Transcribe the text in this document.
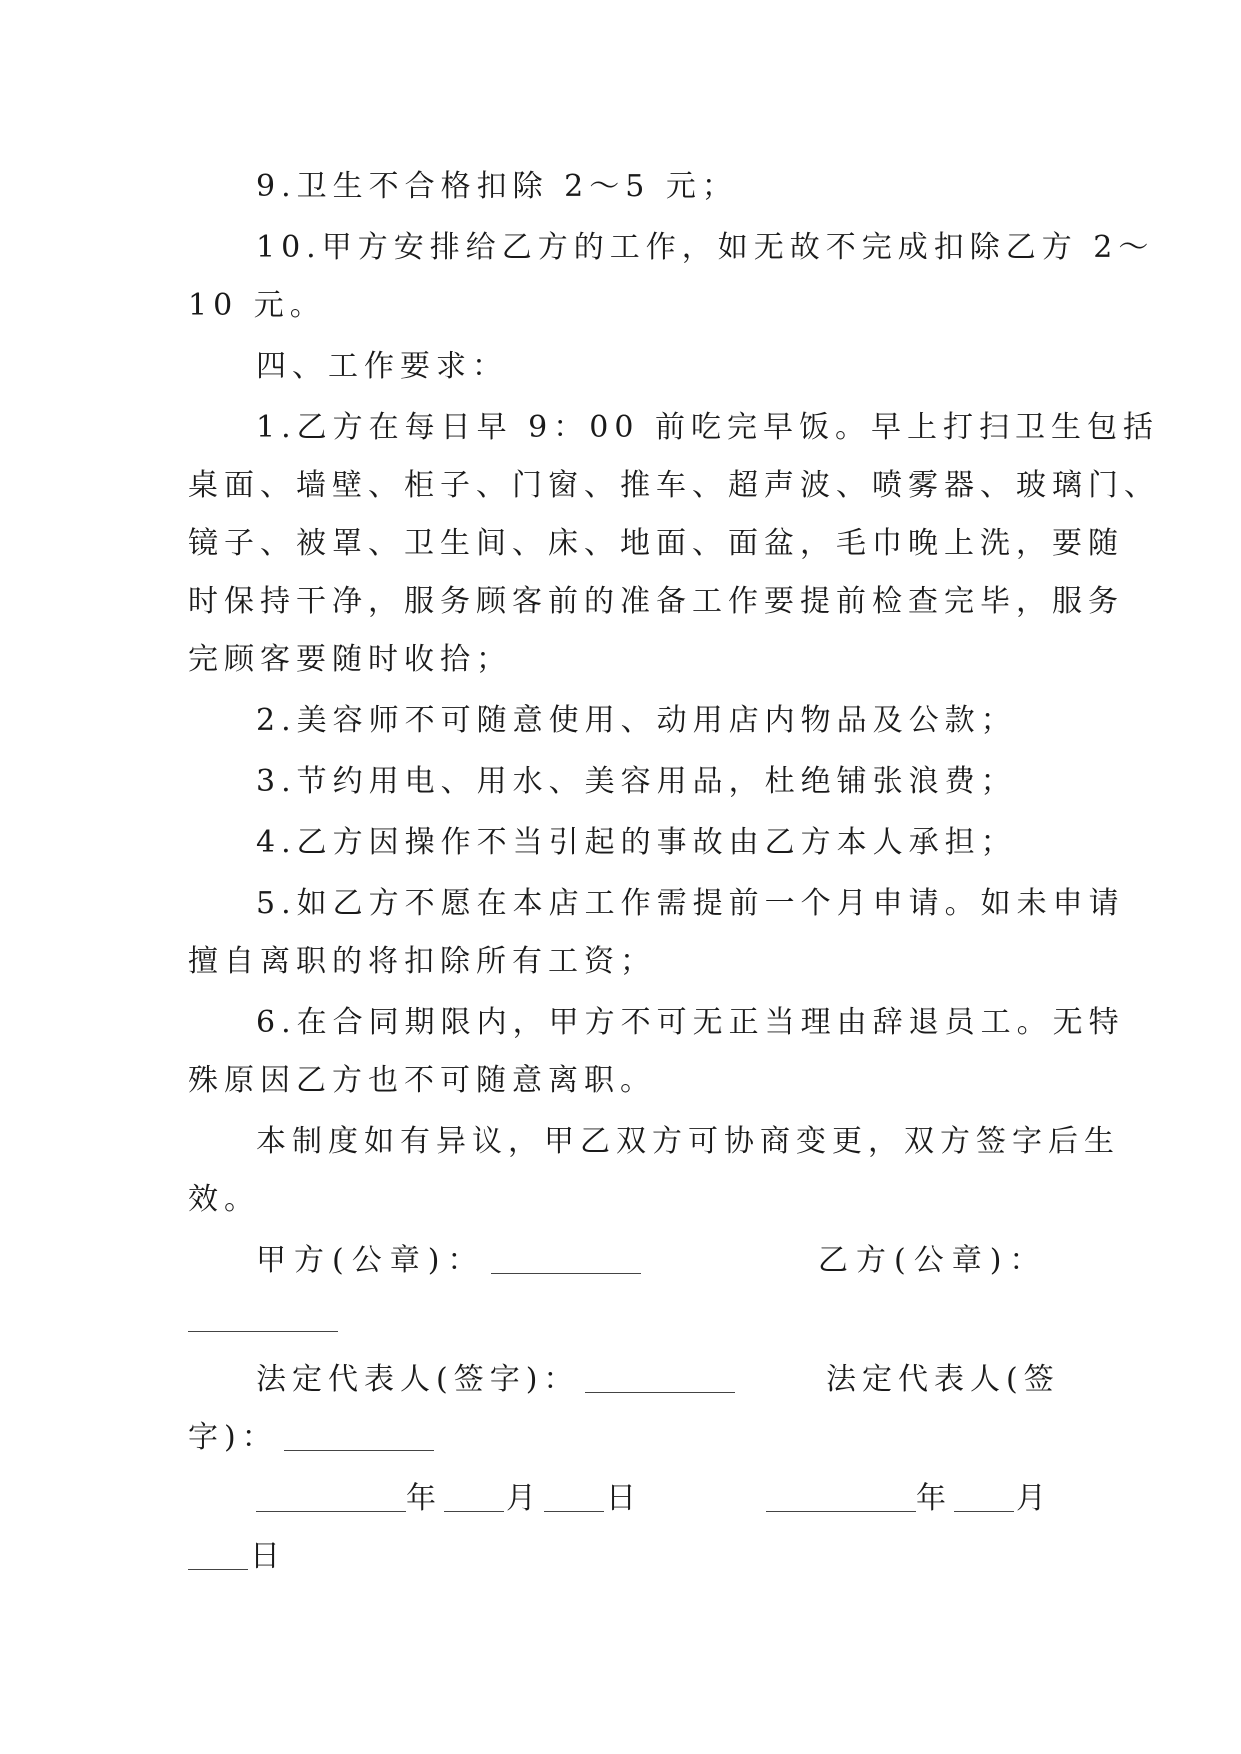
9.卫生不合格扣除 2～5 元；
10.甲方安排给乙方的工作，如无故不完成扣除乙方 2～
10 元。
四、工作要求：
1.乙方在每日早 9：00 前吃完早饭。早上打扫卫生包括
桌面、墙壁、柜子、门窗、推车、超声波、喷雾器、玻璃门、
镜子、被罩、卫生间、床、地面、面盆，毛巾晚上洗，要随
时保持干净，服务顾客前的准备工作要提前检查完毕，服务
完顾客要随时收拾；
2.美容师不可随意使用、动用店内物品及公款；
3.节约用电、用水、美容用品，杜绝铺张浪费；
4.乙方因操作不当引起的事故由乙方本人承担；
5.如乙方不愿在本店工作需提前一个月申请。如未申请
擅自离职的将扣除所有工资；
6.在合同期限内，甲方不可无正当理由辞退员工。无特
殊原因乙方也不可随意离职。
本制度如有异议，甲乙双方可协商变更，双方签字后生
效。
甲方(公章)：	乙方(公章)：
法定代表人(签字)：	法定代表人(签
字)：
年 月 日	年 月
日
